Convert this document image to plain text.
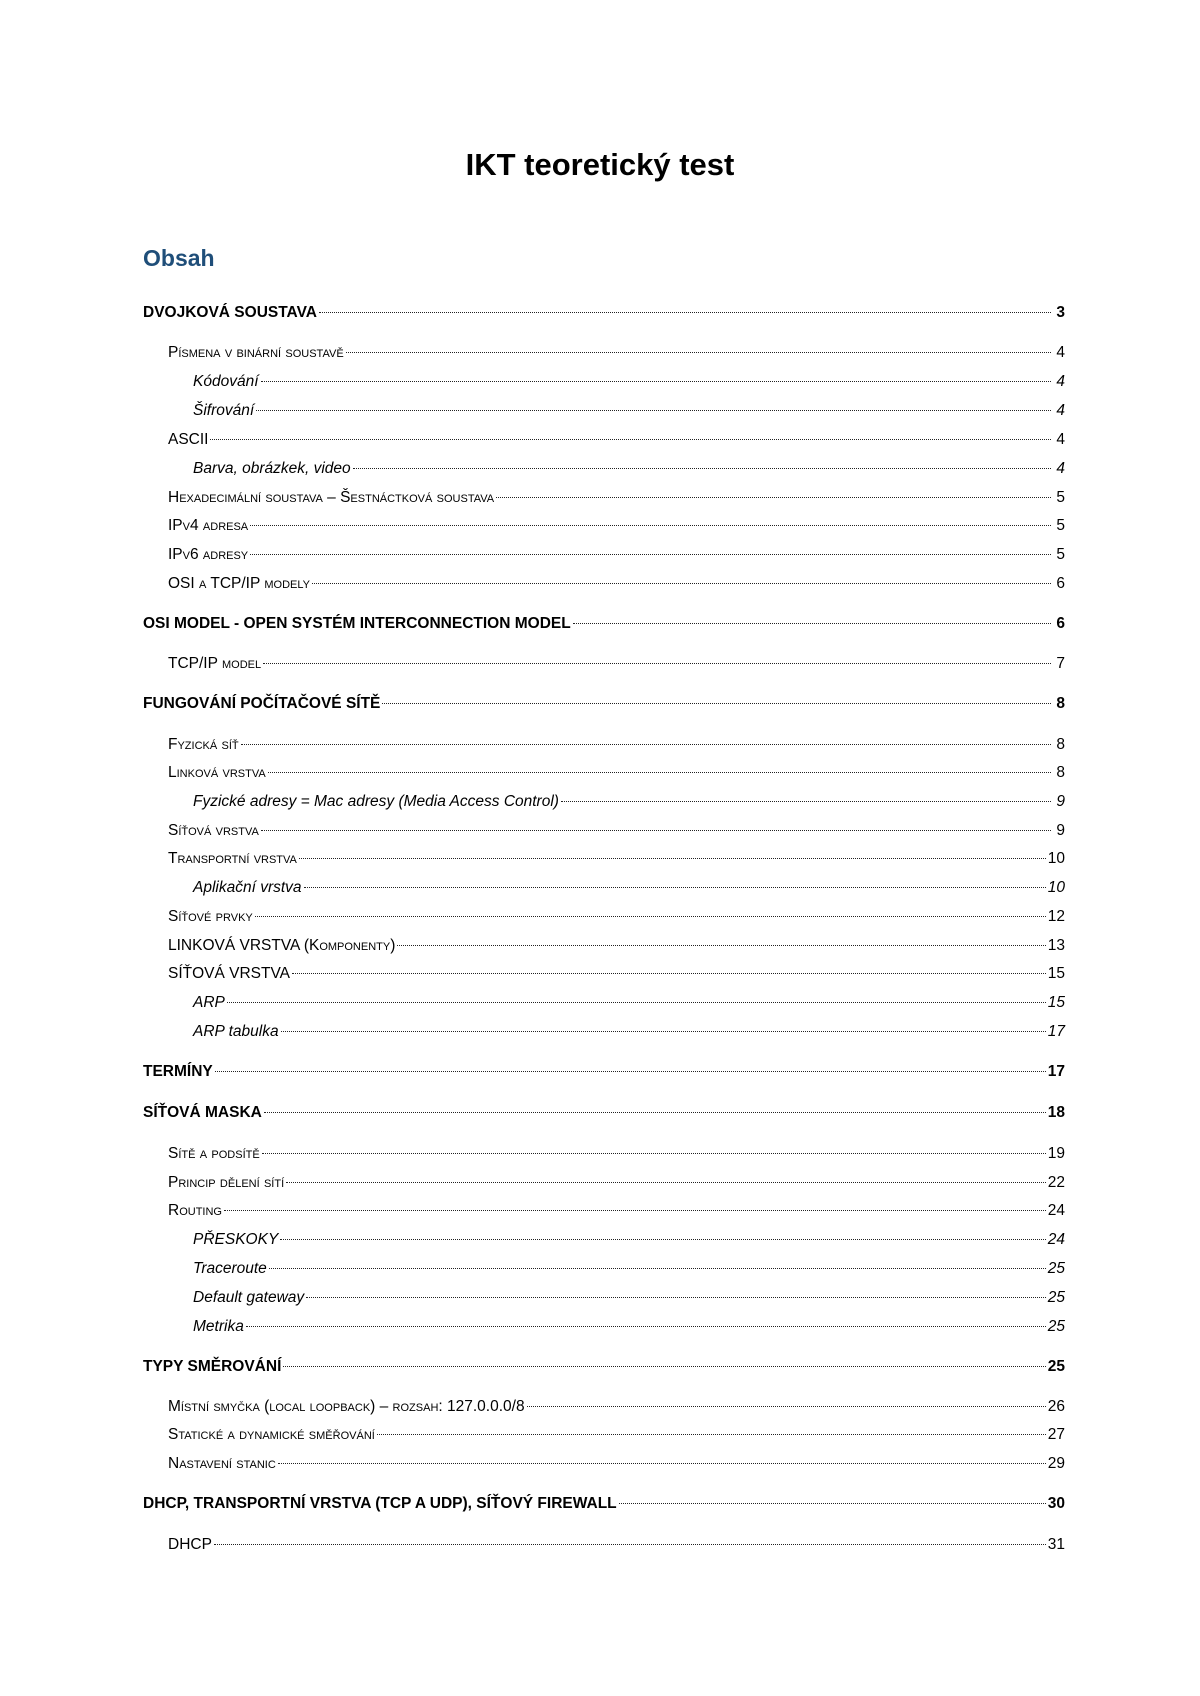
IKT teoretický test
Obsah
DVOJKOVÁ SOUSTAVA	3
Písmena v binární soustavě	4
Kódování	4
Šifrování	4
ASCII	4
Barva, obrázkek, video	4
Hexadecimální soustava – Šestnáctková soustava	5
IPv4 adresa	5
IPv6 adresy	5
OSI a TCP/IP modely	6
OSI MODEL - OPEN SYSTÉM INTERCONNECTION MODEL	6
TCP/IP model	7
FUNGOVÁNÍ POČÍTAČOVÉ SÍTĚ	8
Fyzická síť	8
Linková vrstva	8
Fyzické adresy = Mac adresy (Media Access Control)	9
Síťová vrstva	9
Transportní vrstva	10
Aplikační vrstva	10
Síťové prvky	12
LINKOVÁ VRSTVA (Komponenty)	13
SÍŤOVÁ VRSTVA	15
ARP	15
ARP tabulka	17
TERMÍNY	17
SÍŤOVÁ MASKA	18
Sítě a podsítě	19
Princip dělení sítí	22
Routing	24
PŘESKOKY	24
Traceroute	25
Default gateway	25
Metrika	25
TYPY SMĚROVÁNÍ	25
Místní smyčka (local loopback) – rozsah: 127.0.0.0/8	26
Statické a dynamické směřování	27
Nastavení stanic	29
DHCP, TRANSPORTNÍ VRSTVA (TCP A UDP), SÍŤOVÝ FIREWALL	30
DHCP	31
